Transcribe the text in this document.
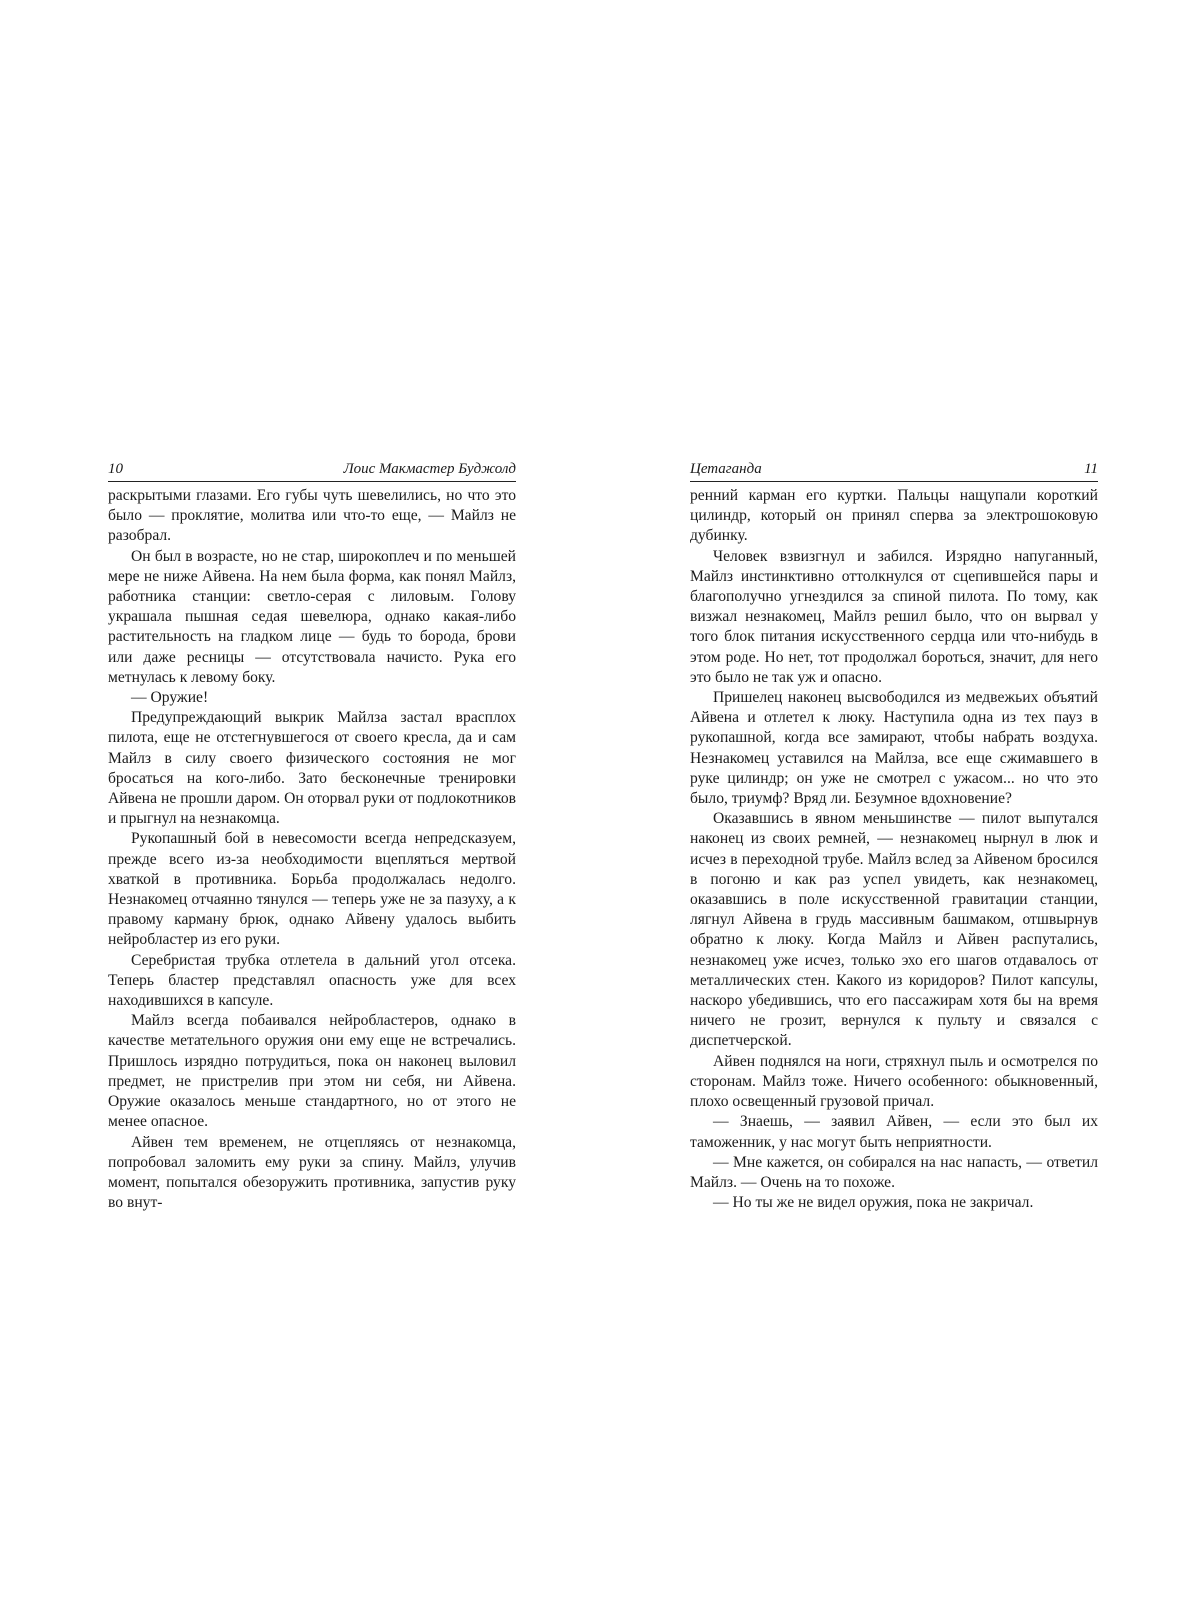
10	Лоис Макмастер Буджолд

раскрытыми глазами. Его губы чуть шевелились, но что это было — проклятие, молитва или что-то еще, — Майлз не разобрал.

Он был в возрасте, но не стар, широкоплеч и по меньшей мере не ниже Айвена. На нем была форма, как понял Майлз, работника станции: светло-серая с лиловым. Голову украшала пышная седая шевелюра, однако какая-либо растительность на гладком лице — будь то борода, брови или даже ресницы — отсутствовала начисто. Рука его метнулась к левому боку.

— Оружие!

Предупреждающий выкрик Майлза застал врасплох пилота, еще не отстегнувшегося от своего кресла, да и сам Майлз в силу своего физического состояния не мог бросаться на кого-либо. Зато бесконечные тренировки Айвена не прошли даром. Он оторвал руки от подлокотников и прыгнул на незнакомца.

Рукопашный бой в невесомости всегда непредсказуем, прежде всего из-за необходимости вцепляться мертвой хваткой в противника. Борьба продолжалась недолго. Незнакомец отчаянно тянулся — теперь уже не за пазуху, а к правому карману брюк, однако Айвену удалось выбить нейробластер из его руки.

Серебристая трубка отлетела в дальний угол отсека. Теперь бластер представлял опасность уже для всех находившихся в капсуле.

Майлз всегда побаивался нейробластеров, однако в качестве метательного оружия они ему еще не встречались. Пришлось изрядно потрудиться, пока он наконец выловил предмет, не пристрелив при этом ни себя, ни Айвена. Оружие оказалось меньше стандартного, но от этого не менее опасное.

Айвен тем временем, не отцепляясь от незнакомца, попробовал заломить ему руки за спину. Майлз, улучив момент, попытался обезоружить противника, запустив руку во внут-

Цетаганда	11

ренний карман его куртки. Пальцы нащупали короткий цилиндр, который он принял сперва за электрошоковую дубинку.

Человек взвизгнул и забился. Изрядно напуганный, Майлз инстинктивно оттолкнулся от сцепившейся пары и благополучно угнездился за спиной пилота. По тому, как визжал незнакомец, Майлз решил было, что он вырвал у того блок питания искусственного сердца или что-нибудь в этом роде. Но нет, тот продолжал бороться, значит, для него это было не так уж и опасно.

Пришелец наконец высвободился из медвежьих объятий Айвена и отлетел к люку. Наступила одна из тех пауз в рукопашной, когда все замирают, чтобы набрать воздуха. Незнакомец уставился на Майлза, все еще сжимавшего в руке цилиндр; он уже не смотрел с ужасом... но что это было, триумф? Вряд ли. Безумное вдохновение?

Оказавшись в явном меньшинстве — пилот выпутался наконец из своих ремней, — незнакомец нырнул в люк и исчез в переходной трубе. Майлз вслед за Айвеном бросился в погоню и как раз успел увидеть, как незнакомец, оказавшись в поле искусственной гравитации станции, лягнул Айвена в грудь массивным башмаком, отшвырнув обратно к люку. Когда Майлз и Айвен распутались, незнакомец уже исчез, только эхо его шагов отдавалось от металлических стен. Какого из коридоров? Пилот капсулы, наскоро убедившись, что его пассажирам хотя бы на время ничего не грозит, вернулся к пульту и связался с диспетчерской.

Айвен поднялся на ноги, стряхнул пыль и осмотрелся по сторонам. Майлз тоже. Ничего особенного: обыкновенный, плохо освещенный грузовой причал.

— Знаешь, — заявил Айвен, — если это был их таможенник, у нас могут быть неприятности.

— Мне кажется, он собирался на нас напасть, — ответил Майлз. — Очень на то похоже.

— Но ты же не видел оружия, пока не закричал.
